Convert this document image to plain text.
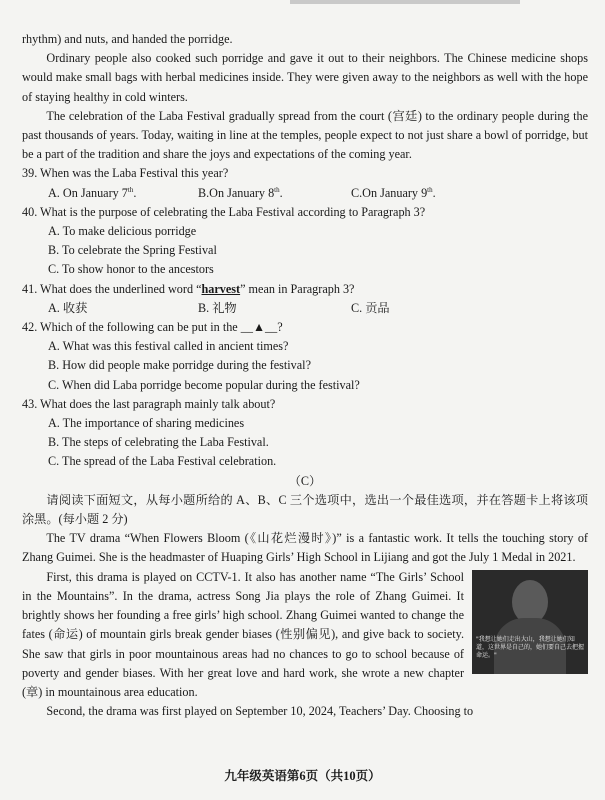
rhythm) and nuts, and handed the porridge.

Ordinary people also cooked such porridge and gave it out to their neighbors. The Chinese medicine shops would make small bags with herbal medicines inside. They were given away to the neighbors as well with the hope of staying healthy in cold winters.

The celebration of the Laba Festival gradually spread from the court (宫廷) to the ordinary people during the past thousands of years. Today, waiting in line at the temples, people expect to not just share a bowl of porridge, but be a part of the tradition and share the joys and expectations of the coming year.

39. When was the Laba Festival this year?

A. On January 7th.	B.On January 8th.	C.On January 9th.

40. What is the purpose of celebrating the Laba Festival according to Paragraph 3?

A. To make delicious porridge

B. To celebrate the Spring Festival

C. To show honor to the ancestors

41. What does the underlined word “harvest” mean in Paragraph 3?

A. 收获	B. 礼物	C. 贡品

42. Which of the following can be put in the __▲__?

A. What was this festival called in ancient times?

B. How did people make porridge during the festival?

C. When did Laba porridge become popular during the festival?

43. What does the last paragraph mainly talk about?

A. The importance of sharing medicines

B. The steps of celebrating the Laba Festival.

C. The spread of the Laba Festival celebration.

（C）

请阅读下面短文，从每小题所给的 A、B、C 三个选项中，选出一个最佳选项，并在答题卡上将该项涂黑。(每小题 2 分)

The TV drama “When Flowers Bloom (《山花烂漫时》)” is a fantastic work. It tells the touching story of Zhang Guimei. She is the headmaster of Huaping Girls’ High School in Lijiang and got the July 1 Medal in 2021.

"我想让她们走出大山，我想让她们知道，这世界是自己的，她们要自己去把握命运。"

First, this drama is played on CCTV-1. It also has another name “The Girls’ School in the Mountains”. In the drama, actress Song Jia plays the role of Zhang Guimei. It brightly shows her founding a free girls’ high school. Zhang Guimei wanted to change the fates (命运) of mountain girls break gender biases (性别偏见), and give back to society. She saw that girls in poor mountainous areas had no chances to go to school because of poverty and gender biases. With her great love and hard work, she wrote a new chapter (章) in mountainous area education.

Second, the drama was first played on September 10, 2024, Teachers’ Day. Choosing to

九年级英语第6页（共10页）
